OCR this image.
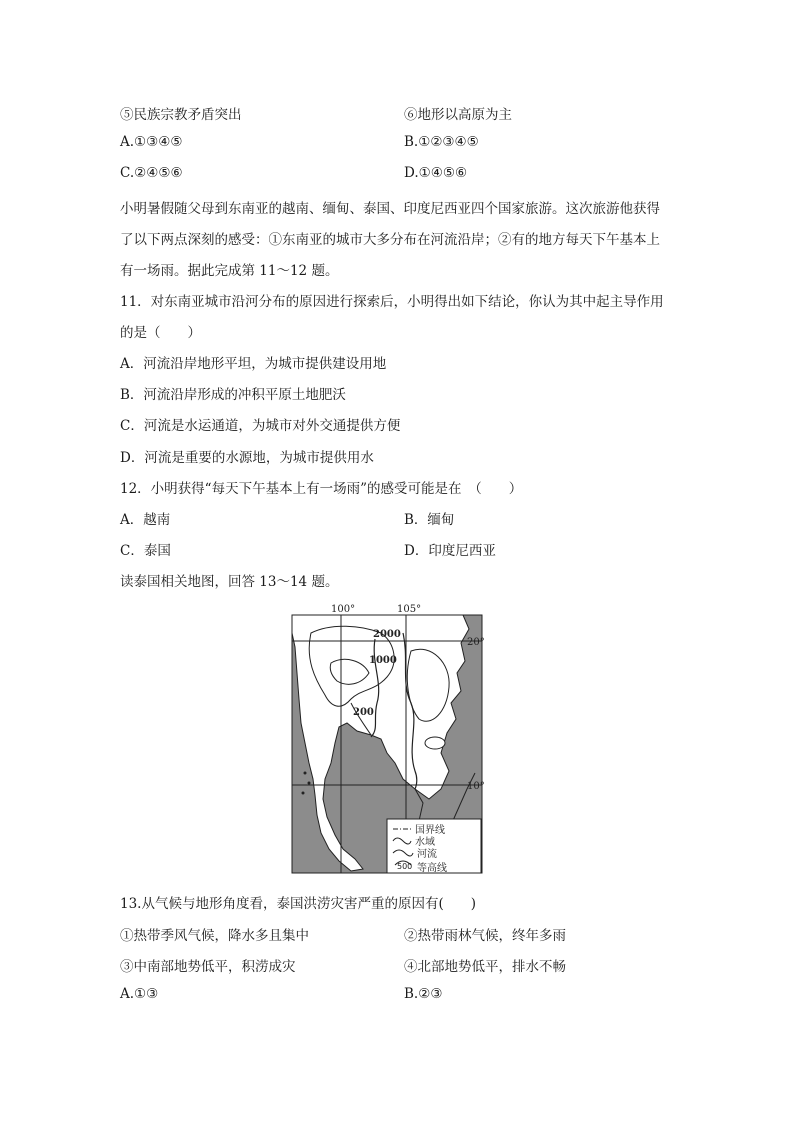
⑤民族宗教矛盾突出	⑥地形以高原为主
A.①③④⑤	B.①②③④⑤
C.②④⑤⑥	D.①④⑤⑥
小明暑假随父母到东南亚的越南、缅甸、泰国、印度尼西亚四个国家旅游。这次旅游他获得
了以下两点深刻的感受：①东南亚的城市大多分布在河流沿岸；②有的地方每天下午基本上
有一场雨。据此完成第 11～12 题。
11．对东南亚城市沿河分布的原因进行探索后，小明得出如下结论，你认为其中起主导作用
的是（　　）
A．河流沿岸地形平坦，为城市提供建设用地
B．河流沿岸形成的冲积平原土地肥沃
C．河流是水运通道，为城市对外交通提供方便
D．河流是重要的水源地，为城市提供用水
12．小明获得“每天下午基本上有一场雨”的感受可能是在　（　　）
A．越南	B．缅甸
C．泰国	D．印度尼西亚
读泰国相关地图，回答 13～14 题。
100°	105°
20°
10°
2000
1000
200
国界线
水域
河流
500 等高线
13.从气候与地形角度看，泰国洪涝灾害严重的原因有(　　)
①热带季风气候，降水多且集中	②热带雨林气候，终年多雨
③中南部地势低平，积涝成灾	④北部地势低平，排水不畅
A.①③	B.②③
